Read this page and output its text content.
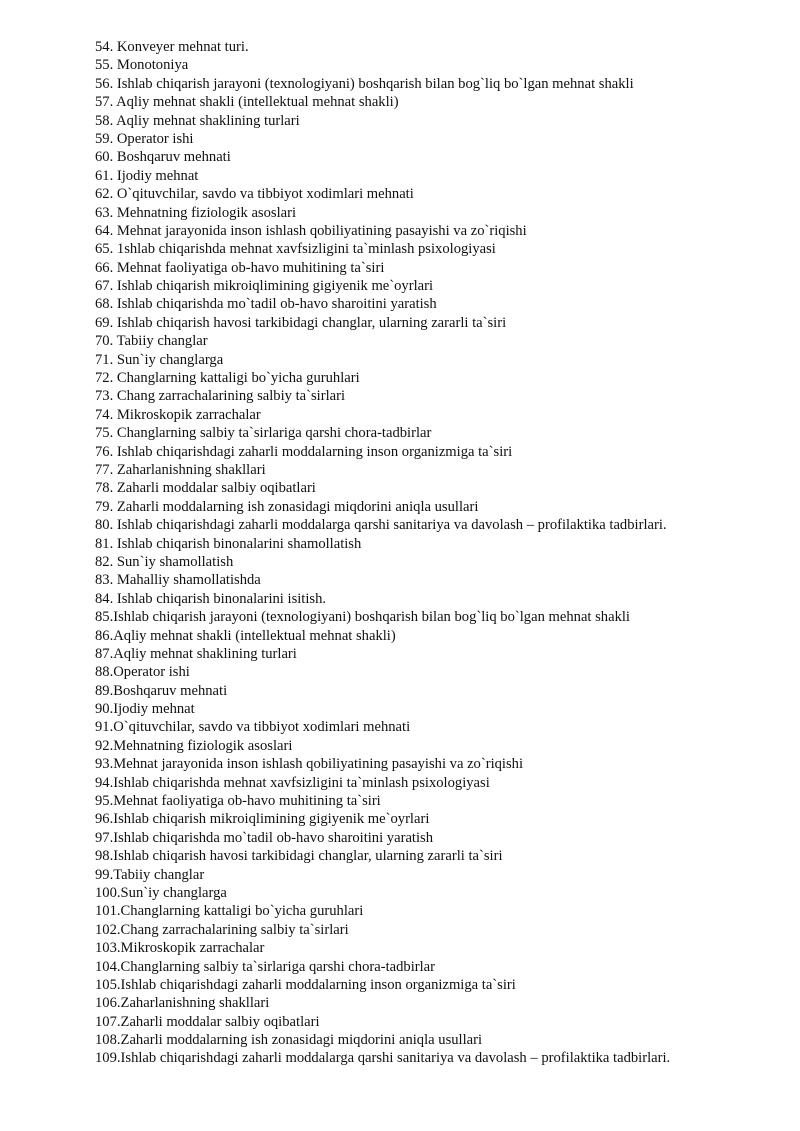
54. Konveyer mehnat turi.
55. Monotoniya
56. Ishlab chiqarish jarayoni (texnologiyani) boshqarish bilan bog`liq bo`lgan mehnat shakli
57. Aqliy mehnat shakli (intellektual mehnat shakli)
58. Aqliy mehnat shaklining turlari
59. Operator ishi
60. Boshqaruv mehnati
61. Ijodiy mehnat
62. O`qituvchilar, savdo va tibbiyot xodimlari mehnati
63. Mehnatning fiziologik asoslari
64. Mehnat jarayonida inson ishlash qobiliyatining pasayishi va zo`riqishi
65. 1shlab chiqarishda mehnat xavfsizligini ta`minlash psixologiyasi
66. Mehnat faoliyatiga ob-havo muhitining ta`siri
67. Ishlab chiqarish mikroiqlimining gigiyenik me`oyrlari
68. Ishlab chiqarishda mo`tadil ob-havo sharoitini yaratish
69. Ishlab chiqarish havosi tarkibidagi changlar, ularning zararli ta`siri
70. Tabiiy changlar
71. Sun`iy changlarga
72. Changlarning kattaligi bo`yicha guruhlari
73. Chang zarrachalarining salbiy ta`sirlari
74. Mikroskopik zarrachalar
75. Changlarning salbiy ta`sirlariga qarshi chora-tadbirlar
76. Ishlab chiqarishdagi zaharli moddalarning inson organizmiga ta`siri
77. Zaharlanishning shakllari
78. Zaharli moddalar salbiy oqibatlari
79. Zaharli moddalarning ish zonasidagi miqdorini aniqla usullari
80. Ishlab chiqarishdagi zaharli moddalarga qarshi sanitariya va davolash – profilaktika tadbirlari.
81. Ishlab chiqarish binonalarini shamollatish
82. Sun`iy shamollatish
83. Mahalliy shamollatishda
84. Ishlab chiqarish binonalarini isitish.
85.Ishlab chiqarish jarayoni (texnologiyani) boshqarish bilan bog`liq bo`lgan mehnat shakli
86.Aqliy mehnat shakli (intellektual mehnat shakli)
87.Aqliy mehnat shaklining turlari
88.Operator ishi
89.Boshqaruv mehnati
90.Ijodiy mehnat
91.O`qituvchilar, savdo va tibbiyot xodimlari mehnati
92.Mehnatning fiziologik asoslari
93.Mehnat jarayonida inson ishlash qobiliyatining pasayishi va zo`riqishi
94.Ishlab chiqarishda mehnat xavfsizligini ta`minlash psixologiyasi
95.Mehnat faoliyatiga ob-havo muhitining ta`siri
96.Ishlab chiqarish mikroiqlimining gigiyenik me`oyrlari
97.Ishlab chiqarishda mo`tadil ob-havo sharoitini yaratish
98.Ishlab chiqarish havosi tarkibidagi changlar, ularning zararli ta`siri
99.Tabiiy changlar
100.Sun`iy changlarga
101.Changlarning kattaligi bo`yicha guruhlari
102.Chang zarrachalarining salbiy ta`sirlari
103.Mikroskopik zarrachalar
104.Changlarning salbiy ta`sirlariga qarshi chora-tadbirlar
105.Ishlab chiqarishdagi zaharli moddalarning inson organizmiga ta`siri
106.Zaharlanishning shakllari
107.Zaharli moddalar salbiy oqibatlari
108.Zaharli moddalarning ish zonasidagi miqdorini aniqla usullari
109.Ishlab chiqarishdagi zaharli moddalarga qarshi sanitariya va davolash – profilaktika tadbirlari.
